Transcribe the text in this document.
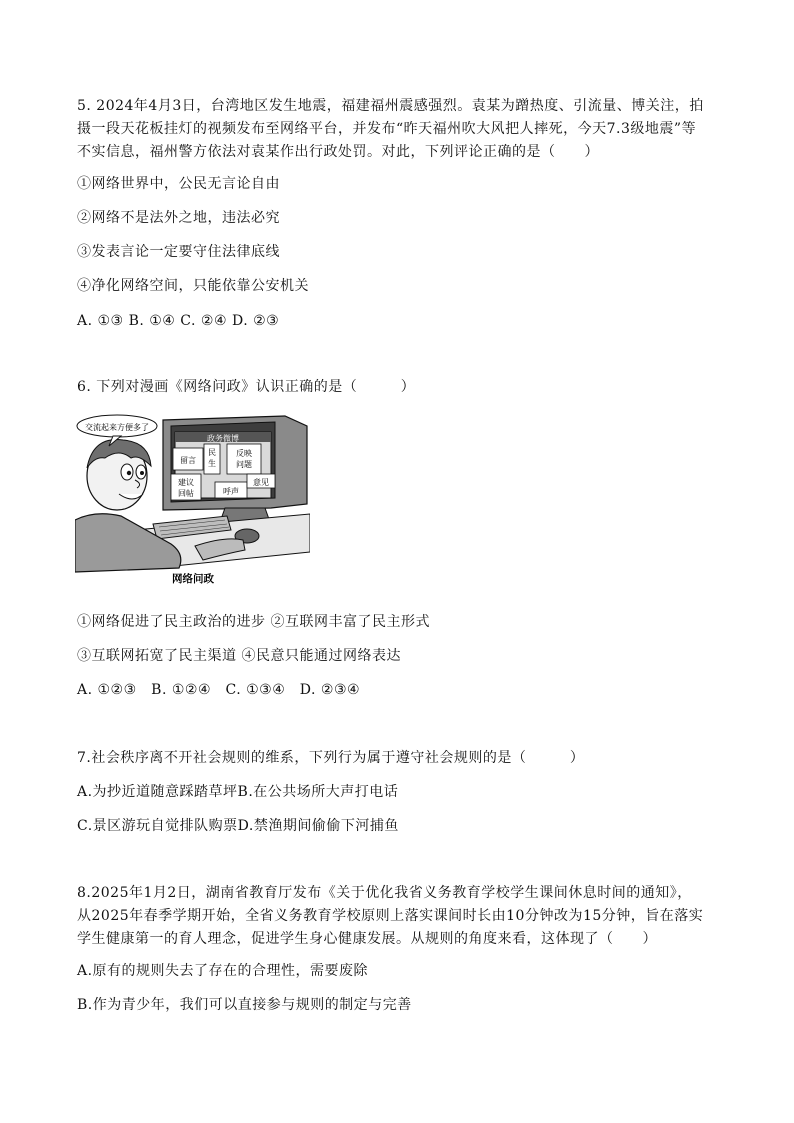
5. 2024年4月3日，台湾地区发生地震，福建福州震感强烈。袁某为蹭热度、引流量、博关注，拍
摄一段天花板挂灯的视频发布至网络平台，并发布“昨天福州吹大风把人摔死，今天7.3级地震”等
不实信息，福州警方依法对袁某作出行政处罚。对此，下列评论正确的是（　　）
①网络世界中，公民无言论自由
②网络不是法外之地，违法必究
③发表言论一定要守住法律底线
④净化网络空间，只能依靠公安机关
A. ①③ B. ①④ C. ②④ D. ②③
6. 下列对漫画《网络问政》认识正确的是（　　　）
政务微博
留言
民
生
反映
问题
建议
回帖	呼声
意见
交流起来方便多了
网络问政
①网络促进了民主政治的进步 ②互联网丰富了民主形式
③互联网拓宽了民主渠道 ④民意只能通过网络表达
A. ①②③　B. ①②④　C. ①③④　D. ②③④
7.社会秩序离不开社会规则的维系，下列行为属于遵守社会规则的是（　　　）
A.为抄近道随意踩踏草坪B.在公共场所大声打电话
C.景区游玩自觉排队购票D.禁渔期间偷偷下河捕鱼
8.2025年1月2日，湖南省教育厅发布《关于优化我省义务教育学校学生课间休息时间的通知》，
从2025年春季学期开始，全省义务教育学校原则上落实课间时长由10分钟改为15分钟，旨在落实
学生健康第一的育人理念，促进学生身心健康发展。从规则的角度来看，这体现了（　　）
A.原有的规则失去了存在的合理性，需要废除
B.作为青少年，我们可以直接参与规则的制定与完善
